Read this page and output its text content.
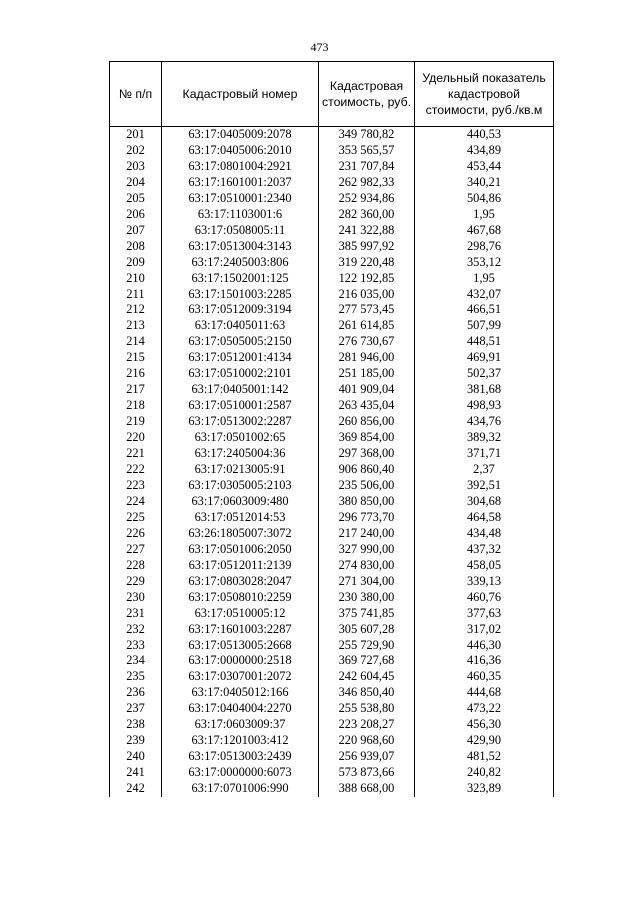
473
№ п/п	Кадастровый номер	Кадастровая стоимость, руб.	Удельный показатель кадастровой стоимости, руб./кв.м
201	63:17:0405009:2078	349 780,82	440,53
202	63:17:0405006:2010	353 565,57	434,89
203	63:17:0801004:2921	231 707,84	453,44
204	63:17:1601001:2037	262 982,33	340,21
205	63:17:0510001:2340	252 934,86	504,86
206	63:17:1103001:6	282 360,00	1,95
207	63:17:0508005:11	241 322,88	467,68
208	63:17:0513004:3143	385 997,92	298,76
209	63:17:2405003:806	319 220,48	353,12
210	63:17:1502001:125	122 192,85	1,95
211	63:17:1501003:2285	216 035,00	432,07
212	63:17:0512009:3194	277 573,45	466,51
213	63:17:0405011:63	261 614,85	507,99
214	63:17:0505005:2150	276 730,67	448,51
215	63:17:0512001:4134	281 946,00	469,91
216	63:17:0510002:2101	251 185,00	502,37
217	63:17:0405001:142	401 909,04	381,68
218	63:17:0510001:2587	263 435,04	498,93
219	63:17:0513002:2287	260 856,00	434,76
220	63:17:0501002:65	369 854,00	389,32
221	63:17:2405004:36	297 368,00	371,71
222	63:17:0213005:91	906 860,40	2,37
223	63:17:0305005:2103	235 506,00	392,51
224	63:17:0603009:480	380 850,00	304,68
225	63:17:0512014:53	296 773,70	464,58
226	63:26:1805007:3072	217 240,00	434,48
227	63:17:0501006:2050	327 990,00	437,32
228	63:17:0512011:2139	274 830,00	458,05
229	63:17:0803028:2047	271 304,00	339,13
230	63:17:0508010:2259	230 380,00	460,76
231	63:17:0510005:12	375 741,85	377,63
232	63:17:1601003:2287	305 607,28	317,02
233	63:17:0513005:2668	255 729,90	446,30
234	63:17:0000000:2518	369 727,68	416,36
235	63:17:0307001:2072	242 604,45	460,35
236	63:17:0405012:166	346 850,40	444,68
237	63:17:0404004:2270	255 538,80	473,22
238	63:17:0603009:37	223 208,27	456,30
239	63:17:1201003:412	220 968,60	429,90
240	63:17:0513003:2439	256 939,07	481,52
241	63:17:0000000:6073	573 873,66	240,82
242	63:17:0701006:990	388 668,00	323,89
